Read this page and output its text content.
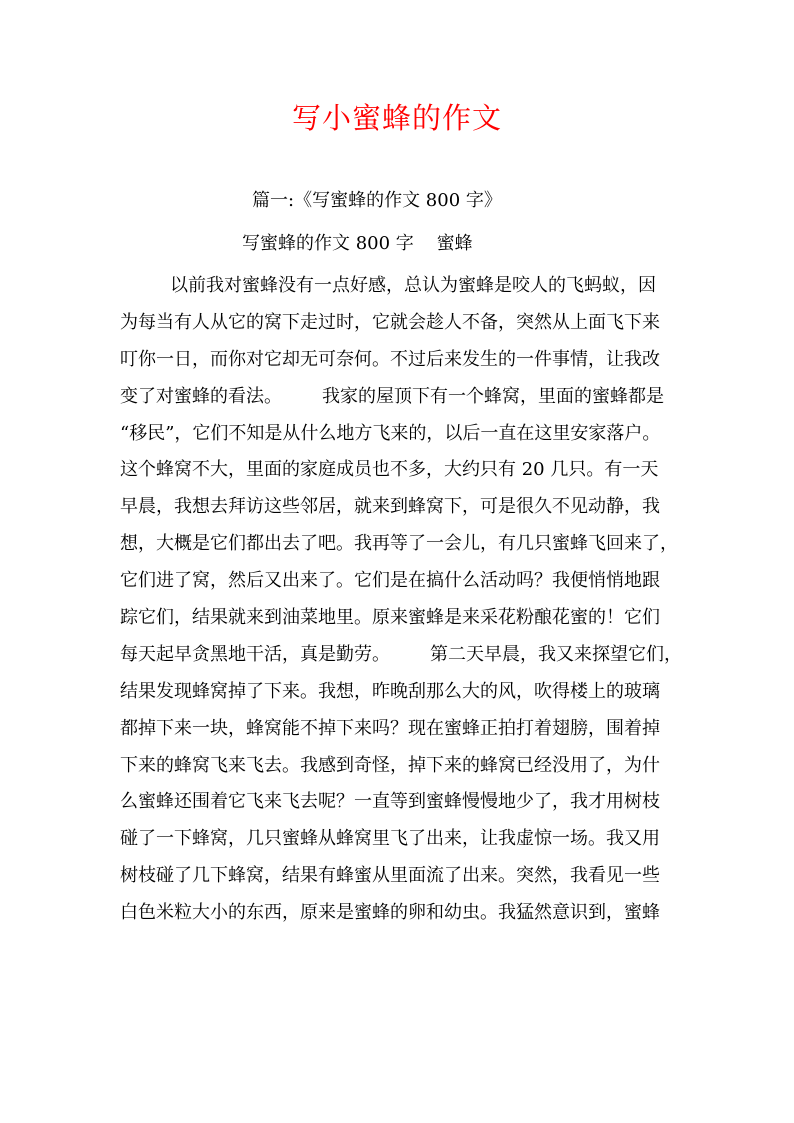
写小蜜蜂的作文
篇一:《写蜜蜂的作文 800 字》
写蜜蜂的作文 800 字    蜜蜂
以前我对蜜蜂没有一点好感，总认为蜜蜂是咬人的飞蚂蚁，因
为每当有人从它的窝下走过时，它就会趁人不备，突然从上面飞下来
叮你一日，而你对它却无可奈何。不过后来发生的一件事情，让我改
变了对蜜蜂的看法。       我家的屋顶下有一个蜂窝，里面的蜜蜂都是
“移民”，它们不知是从什么地方飞来的，以后一直在这里安家落户。
这个蜂窝不大，里面的家庭成员也不多，大约只有 20 几只。有一天
早晨，我想去拜访这些邻居，就来到蜂窝下，可是很久不见动静，我
想，大概是它们都出去了吧。我再等了一会儿，有几只蜜蜂飞回来了，
它们进了窝，然后又出来了。它们是在搞什么活动吗？我便悄悄地跟
踪它们，结果就来到油菜地里。原来蜜蜂是来采花粉酿花蜜的！它们
每天起早贪黑地干活，真是勤劳。       第二天早晨，我又来探望它们，
结果发现蜂窝掉了下来。我想，昨晚刮那么大的风，吹得楼上的玻璃
都掉下来一块，蜂窝能不掉下来吗？现在蜜蜂正拍打着翅膀，围着掉
下来的蜂窝飞来飞去。我感到奇怪，掉下来的蜂窝已经没用了，为什
么蜜蜂还围着它飞来飞去呢？一直等到蜜蜂慢慢地少了，我才用树枝
碰了一下蜂窝，几只蜜蜂从蜂窝里飞了出来，让我虚惊一场。我又用
树枝碰了几下蜂窝，结果有蜂蜜从里面流了出来。突然，我看见一些
白色米粒大小的东西，原来是蜜蜂的卵和幼虫。我猛然意识到，蜜蜂
